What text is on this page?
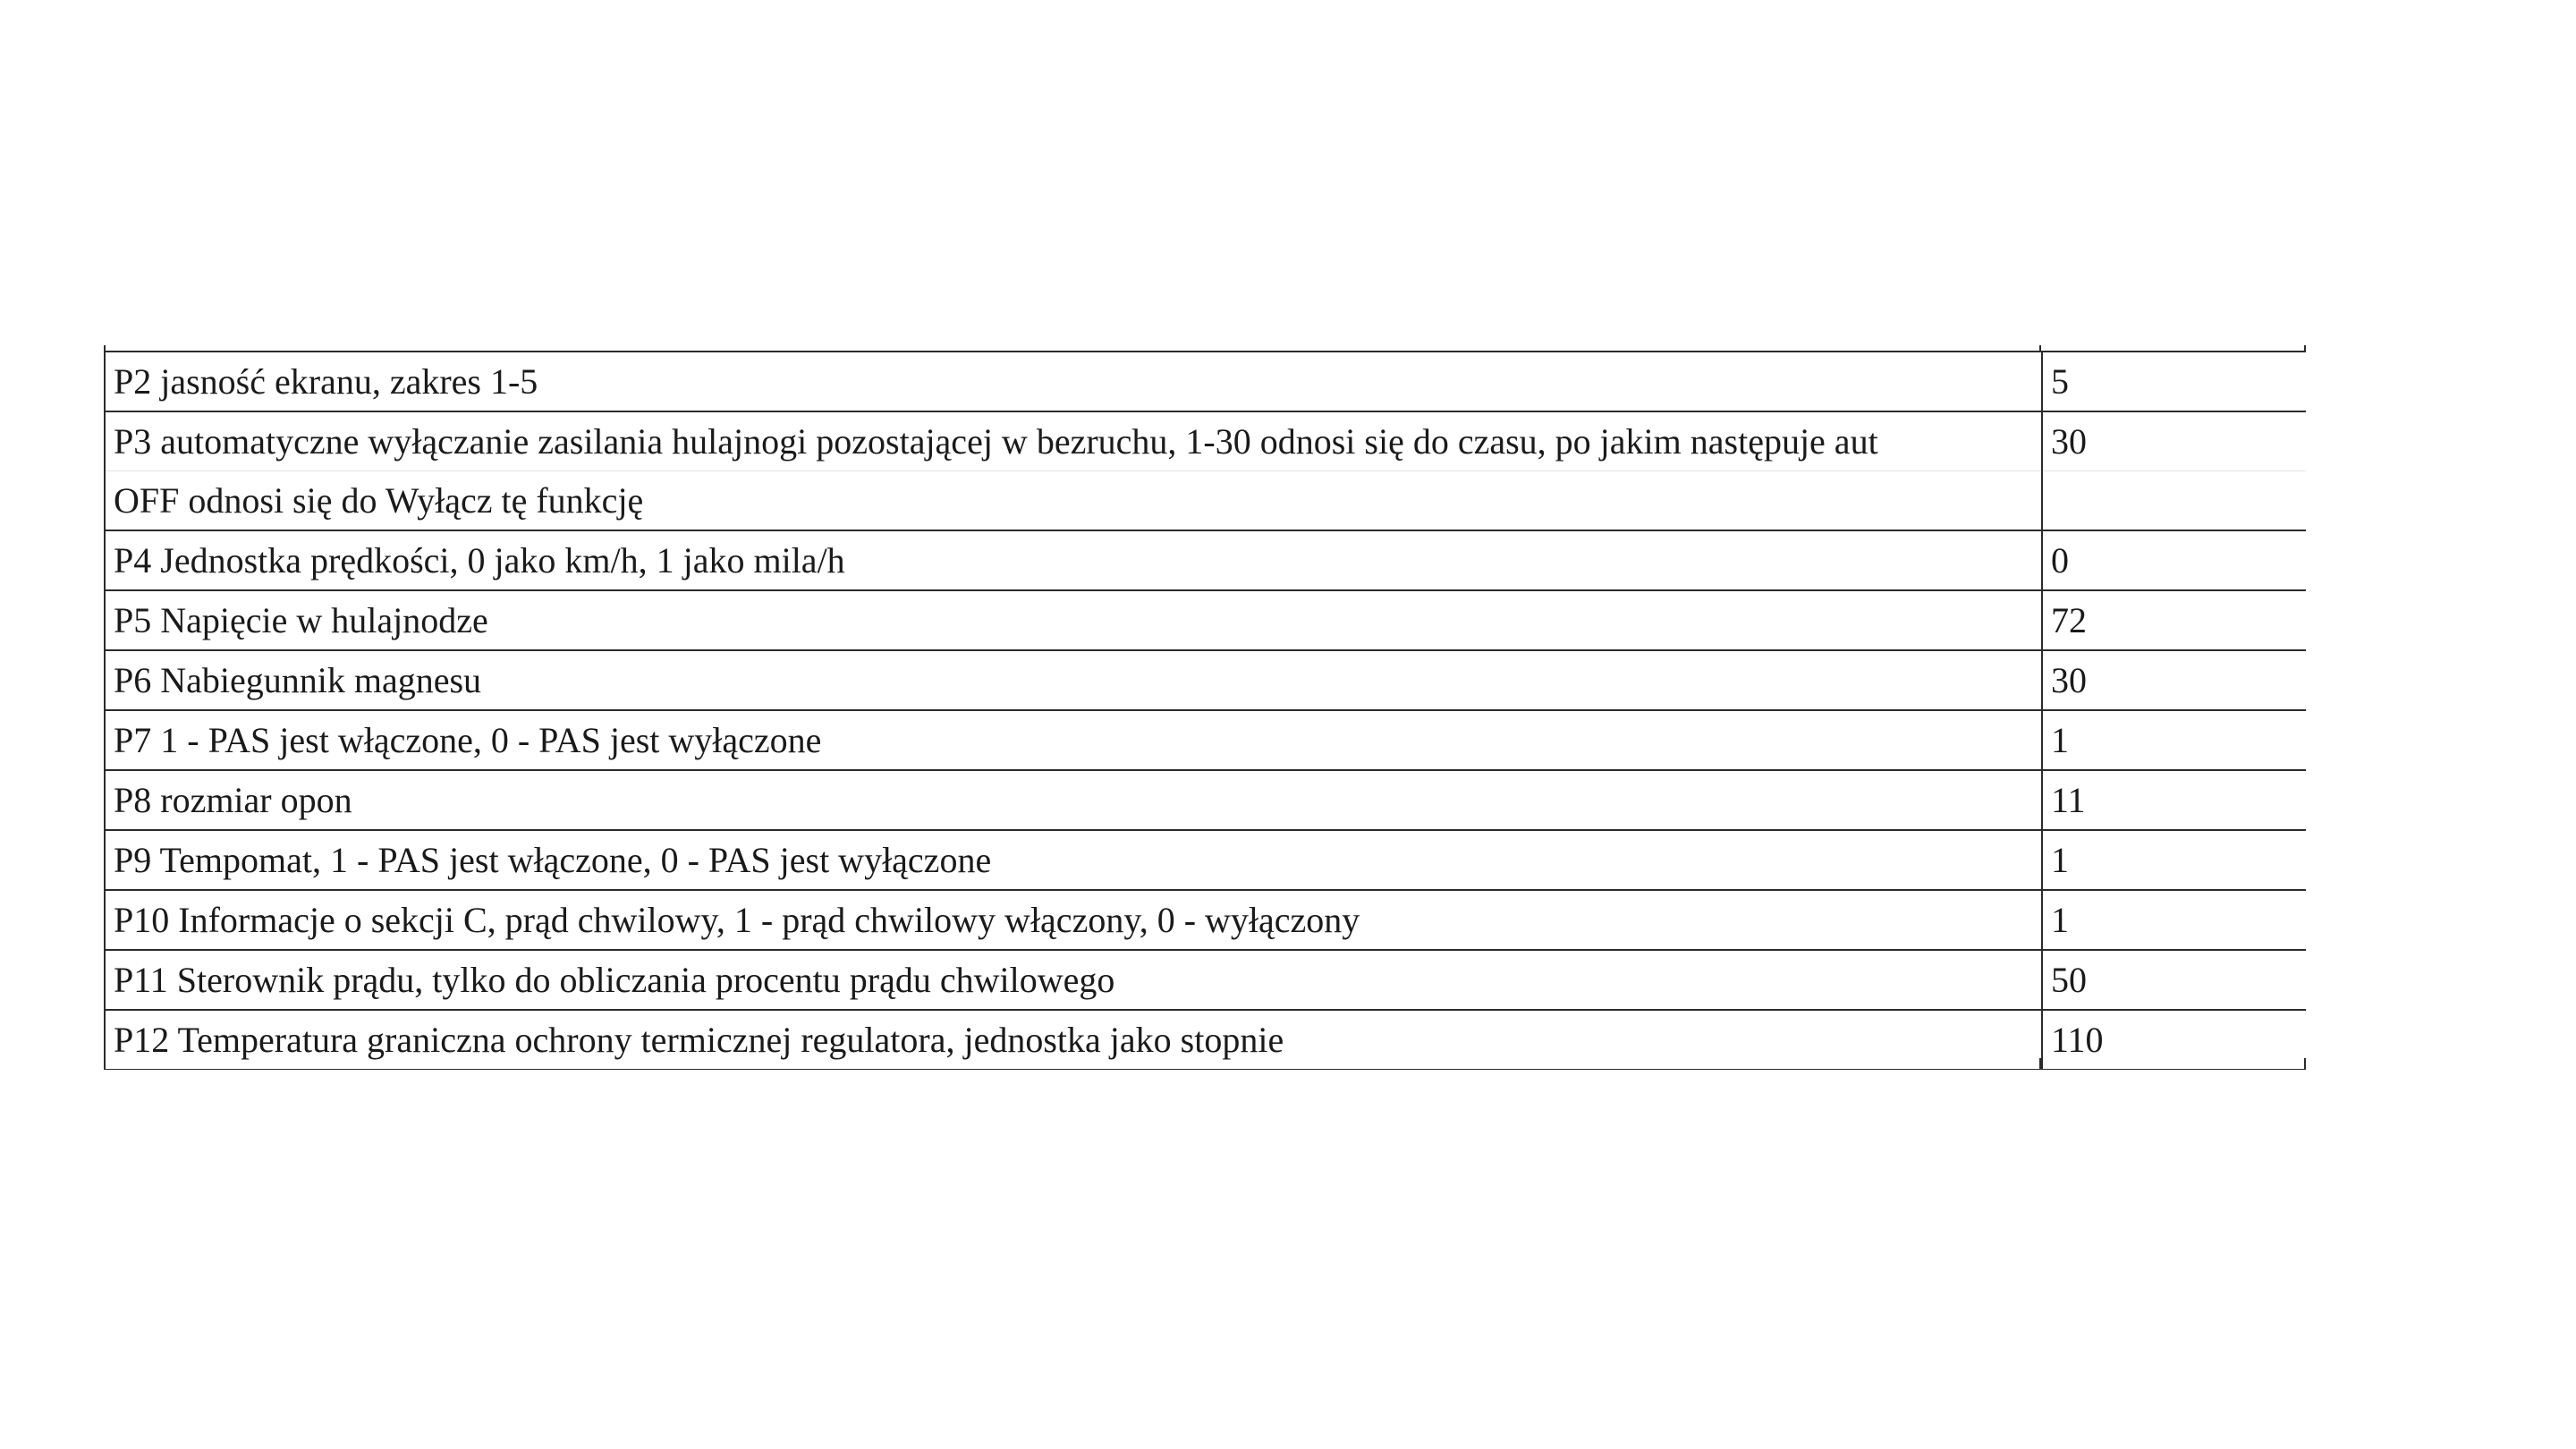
P2 jasność ekranu, zakres 1-5	5
P3 automatyczne wyłączanie zasilania hulajnogi pozostającej w bezruchu, 1-30 odnosi się do czasu, po jakim następuje aut	30
OFF odnosi się do Wyłącz tę funkcję	
P4 Jednostka prędkości, 0 jako km/h, 1 jako mila/h	0
P5 Napięcie w hulajnodze	72
P6 Nabiegunnik magnesu	30
P7 1 - PAS jest włączone, 0 - PAS jest wyłączone	1
P8 rozmiar opon	11
P9 Tempomat, 1 - PAS jest włączone, 0 - PAS jest wyłączone	1
P10 Informacje o sekcji C, prąd chwilowy, 1 - prąd chwilowy włączony, 0 - wyłączony	1
P11 Sterownik prądu, tylko do obliczania procentu prądu chwilowego	50
P12 Temperatura graniczna ochrony termicznej regulatora, jednostka jako stopnie	110
